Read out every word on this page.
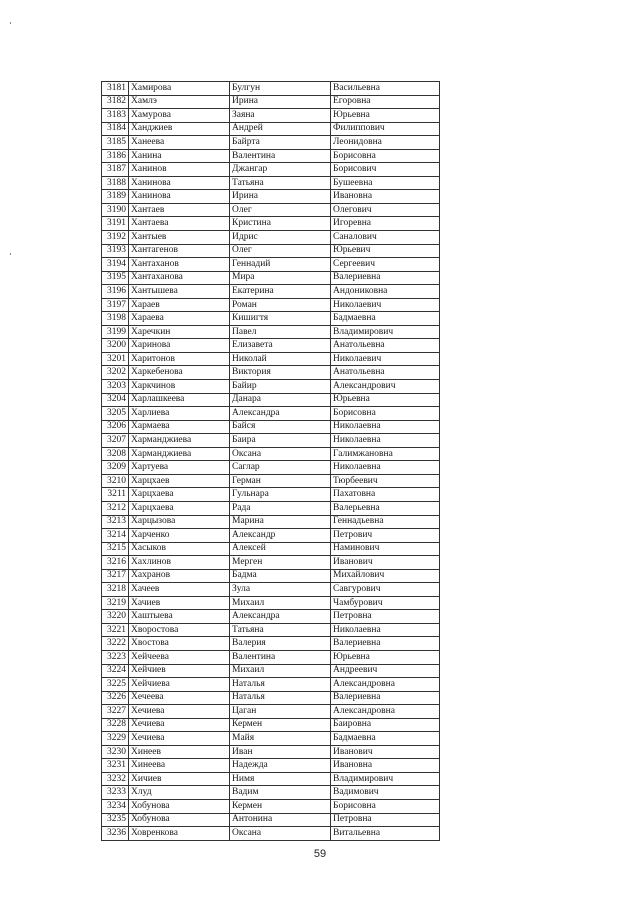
3181	Хамирова	Булгун	Васильевна
3182	Хамлэ	Ирина	Егоровна
3183	Хамурова	Заяна	Юрьевна
3184	Ханджиев	Андрей	Филиппович
3185	Ханеева	Байрта	Леонидовна
3186	Ханина	Валентина	Борисовна
3187	Ханинов	Джангар	Борисович
3188	Ханинова	Татьяна	Бушеевна
3189	Ханинова	Ирина	Ивановна
3190	Хантаев	Олег	Олегович
3191	Хантаева	Кристина	Игоревна
3192	Хантыев	Идрис	Саналович
3193	Хантагенов	Олег	Юрьевич
3194	Хантаханов	Геннадий	Сергеевич
3195	Хантаханова	Мира	Валериевна
3196	Хантышева	Екатерина	Андониковна
3197	Хараев	Роман	Николаевич
3198	Хараева	Кишигтя	Бадмаевна
3199	Харечкин	Павел	Владимирович
3200	Харинова	Елизавета	Анатольевна
3201	Харитонов	Николай	Николаевич
3202	Харкебенова	Виктория	Анатольевна
3203	Харкчинов	Байир	Александрович
3204	Харлашкеева	Данара	Юрьевна
3205	Харлиева	Александра	Борисовна
3206	Хармаева	Байся	Николаевна
3207	Харманджиева	Баира	Николаевна
3208	Харманджиева	Оксана	Галимжановна
3209	Хартуева	Саглар	Николаевна
3210	Харцхаев	Герман	Тюрбеевич
3211	Харцхаева	Гульнара	Пахатовна
3212	Харцхаева	Рада	Валерьевна
3213	Харцызова	Марина	Геннадьевна
3214	Харченко	Александр	Петрович
3215	Хасыков	Алексей	Наминович
3216	Хахлинов	Мерген	Иванович
3217	Хахранов	Бадма	Михайлович
3218	Хачеев	Зула	Савгурович
3219	Хачиев	Михаил	Чамбурович
3220	Хаштыева	Александра	Петровна
3221	Хворостова	Татьяна	Николаевна
3222	Хвостова	Валерия	Валериевна
3223	Хейчеева	Валентина	Юрьевна
3224	Хейчиев	Михаил	Андреевич
3225	Хейчиева	Наталья	Александровна
3226	Хечеева	Наталья	Валериевна
3227	Хечиева	Цаган	Александровна
3228	Хечиева	Кермен	Баировна
3229	Хечиева	Майя	Бадмаевна
3230	Хинеев	Иван	Иванович
3231	Хинеева	Надежда	Ивановна
3232	Хичиев	Нимя	Владимирович
3233	Хлуд	Вадим	Вадимович
3234	Хобунова	Кермен	Борисовна
3235	Хобунова	Антонина	Петровна
3236	Ховренкова	Оксана	Витальевна
59
